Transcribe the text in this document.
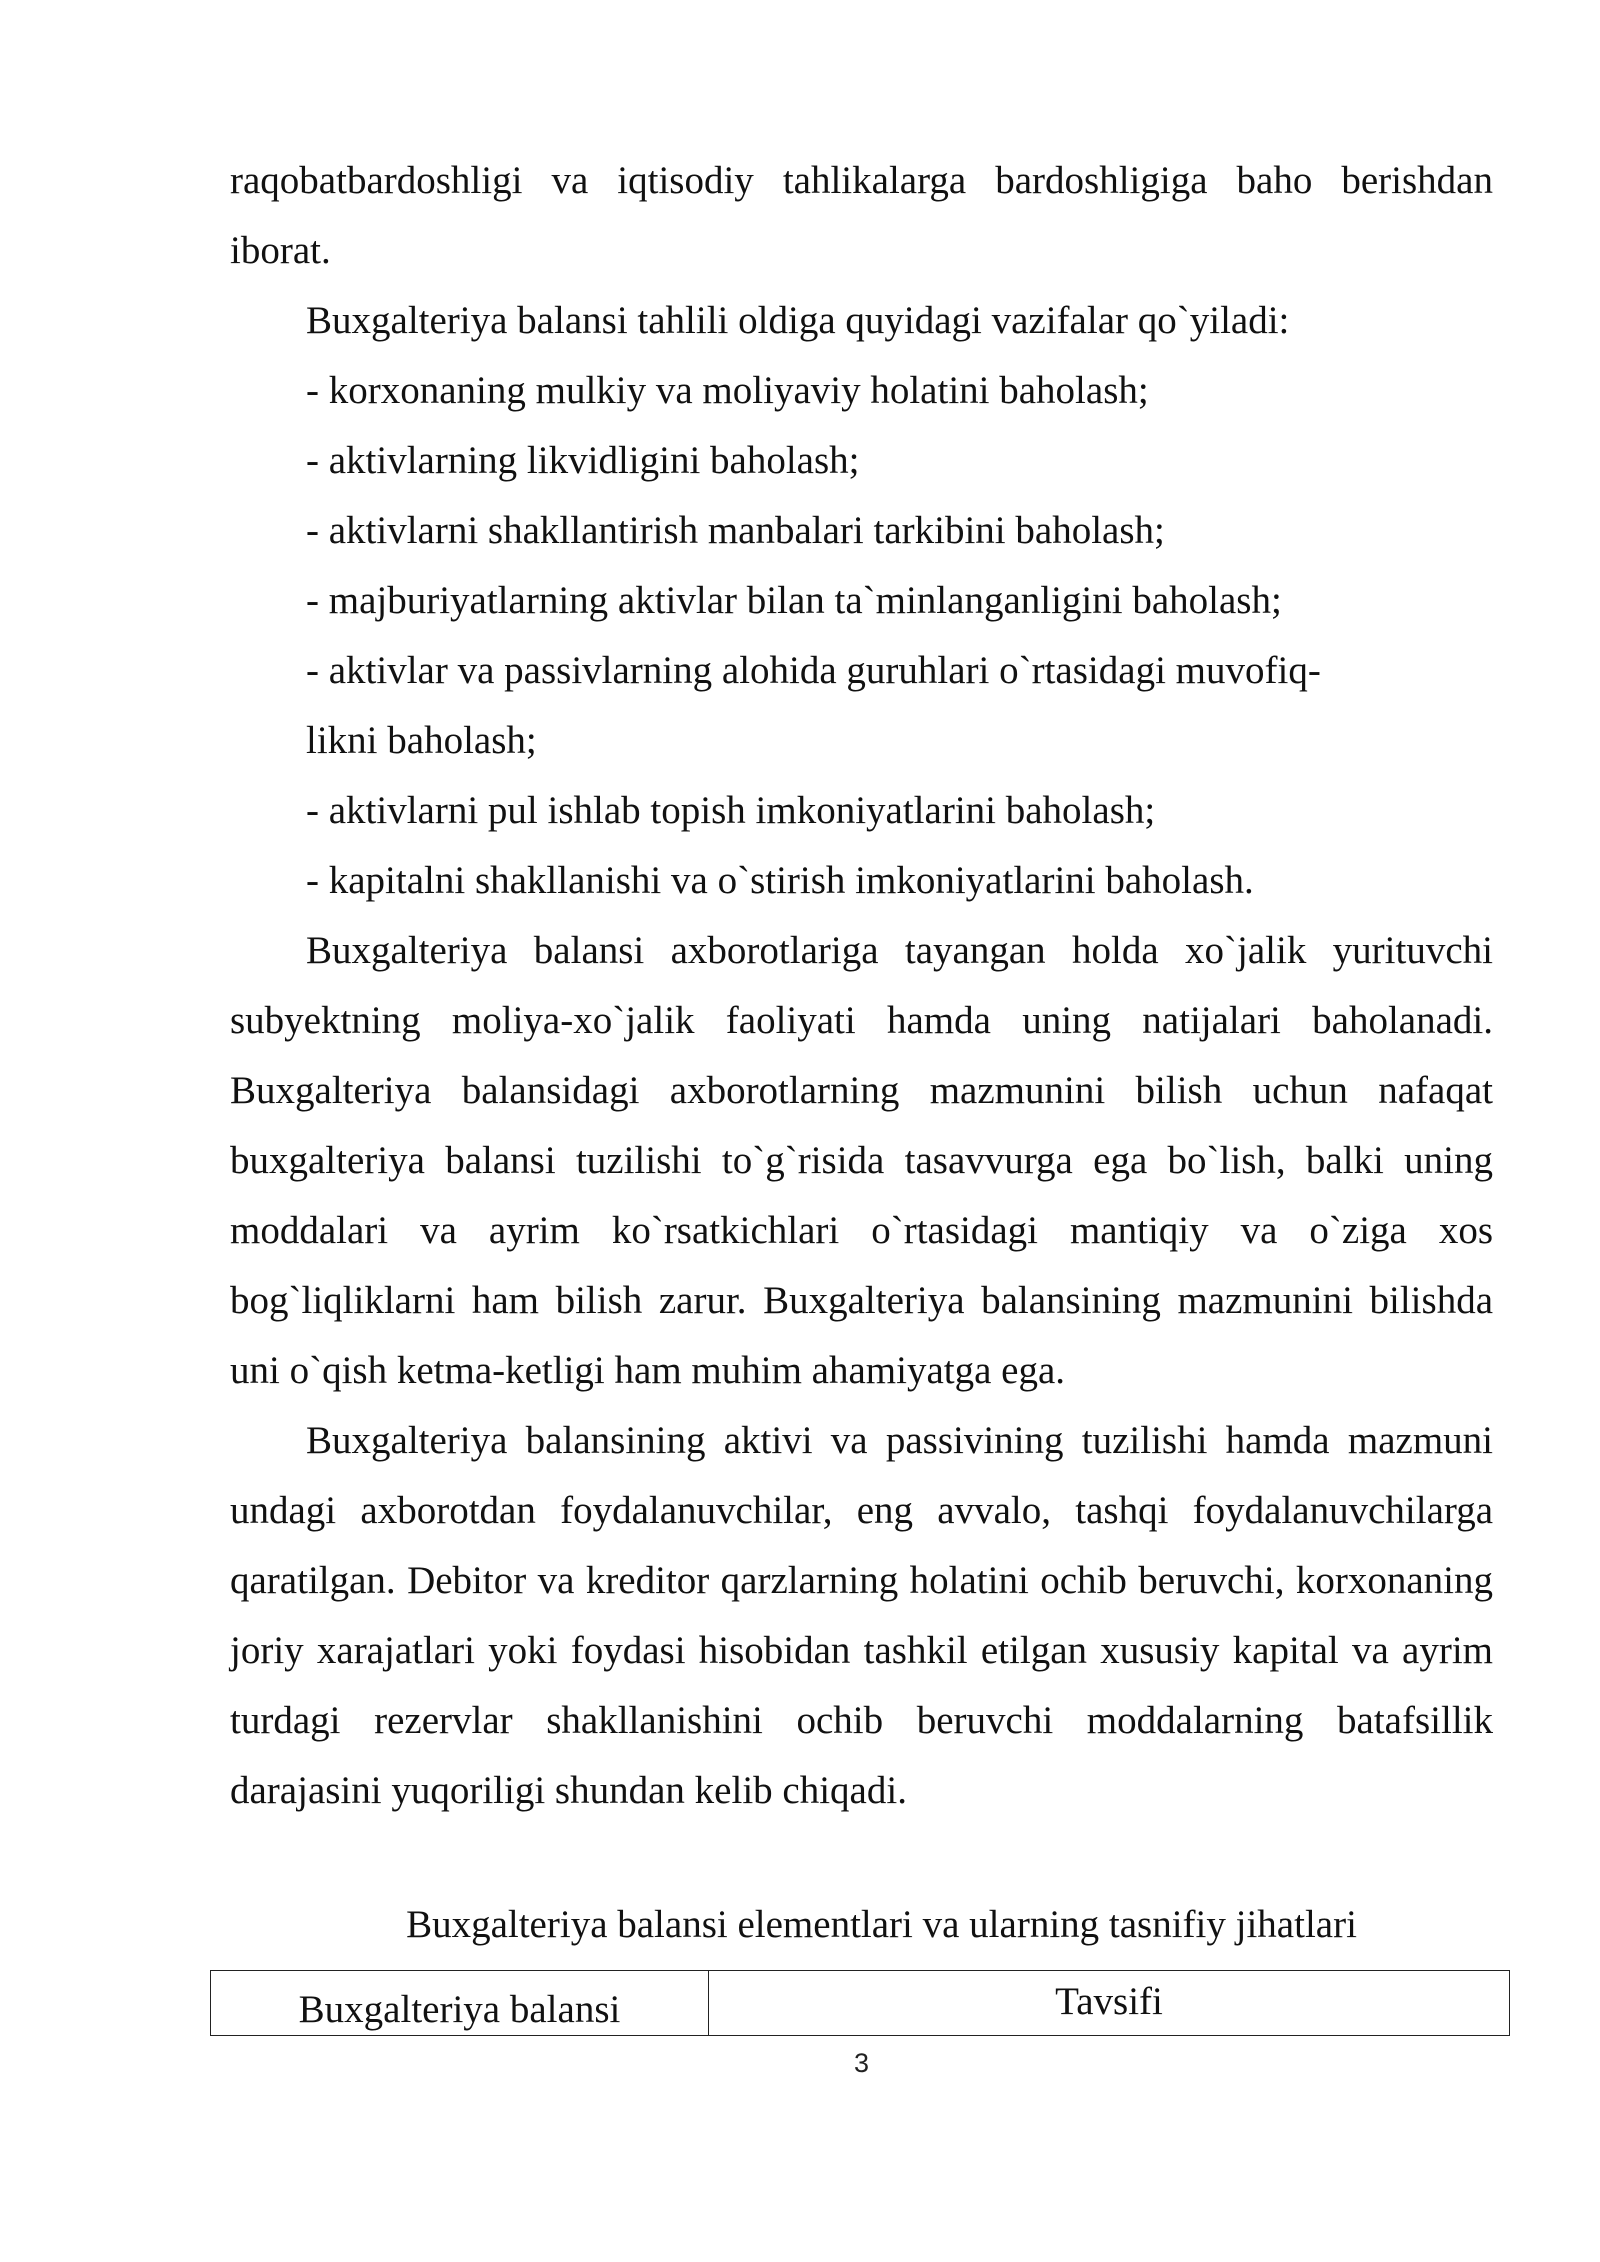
raqobatbardoshligi va iqtisodiy tahlikalarga bardoshligiga baho berishdan

iborat.

Buxgalteriya balansi tahlili oldiga quyidagi vazifalar qo`yiladi:

- korxonaning mulkiy va moliyaviy holatini baholash;

- aktivlarning likvidligini baholash;

- aktivlarni shakllantirish manbalari tarkibini baholash;

- majburiyatlarning aktivlar bilan ta`minlanganligini baholash;

- aktivlar va passivlarning alohida guruhlari o`rtasidagi muvofiq-

likni baholash;

- aktivlarni pul ishlab topish imkoniyatlarini baholash;

- kapitalni shakllanishi va o`stirish imkoniyatlarini baholash.

Buxgalteriya balansi axborotlariga tayangan holda xo`jalik yurituvchi subyektning moliya-xo`jalik faoliyati hamda uning natijalari baholanadi. Buxgalteriya balansidagi axborotlarning mazmunini bilish uchun nafaqat buxgalteriya balansi tuzilishi to`g`risida tasavvurga ega bo`lish, balki uning moddalari va ayrim ko`rsatkichlari o`rtasidagi mantiqiy va o`ziga xos bog`liqliklarni ham bilish zarur. Buxgalteriya balansining mazmunini bilishda uni o`qish ketma-ketligi ham muhim ahamiyatga ega.

Buxgalteriya balansining aktivi va passivining tuzilishi hamda mazmuni undagi axborotdan foydalanuvchilar, eng avvalo, tashqi foydalanuvchilarga qaratilgan. Debitor va kreditor qarzlarning holatini ochib beruvchi, korxonaning joriy xarajatlari yoki foydasi hisobidan tashkil etilgan xususiy kapital va ayrim turdagi rezervlar shakllanishini ochib beruvchi moddalarning batafsillik darajasini yuqoriligi shundan kelib chiqadi.

Buxgalteriya balansi elementlari va ularning tasnifiy jihatlari
Buxgalteriya balansi	Tavsifi
3
